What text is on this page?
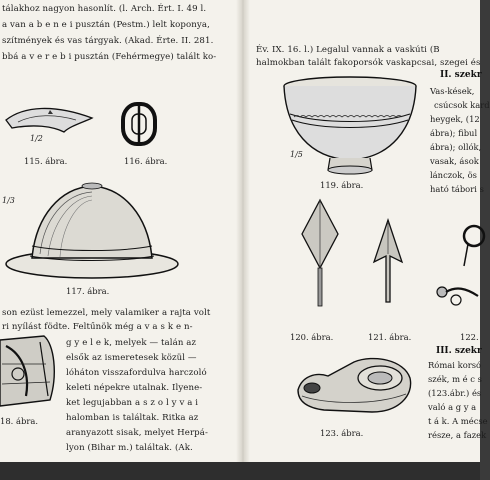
tálakhoz nagyon hasonlít. (l. Arch. Ért. I. 49 l.
a van a b e n e i pusztán (Pestm.) lelt koponya,
szítmények és vas tárgyak. (Akad. Érte. II. 281.
bbá a v e r e b i pusztán (Fehérmegye) talált ko-
1/2
115. ábra.	116. ábra.
1/3
117. ábra.
son ezüst lemezzel, mely valamiker a rajta volt
ri nyílást födte. Feltűnök még a v a s k e n-
18. ábra.
g y e l e k, melyek — talán az
elsők az ismeretesek közül —
lóháton visszafordulva harczoló
keleti népekre utalnak. Ilyene-
ket legujabban a s z o l y v a i
halomban is találtak. Ritka az
aranyazott sisak, melyet Herpá-
lyon (Bihar m.) találtak. (Ak.
Év. IX. 16. l.) Legalul vannak a vaskúti (B
halmokban talált fakoporsók vaskapcsai, szegei és
II. szekr
1/5
119. ábra.
Vas-kések,
csúcsok kard
heygek, (12
ábra); fibul
ábra); ollók,
vasak, ások
lánczok, ös
ható tábori s
120. ábra.	121. ábra.	122.
123. ábra.
III. szekr
Római korsó
szék, m é c s
(123.ábr.) és
való a g y a
t á k. A mécse
része, a fazek
